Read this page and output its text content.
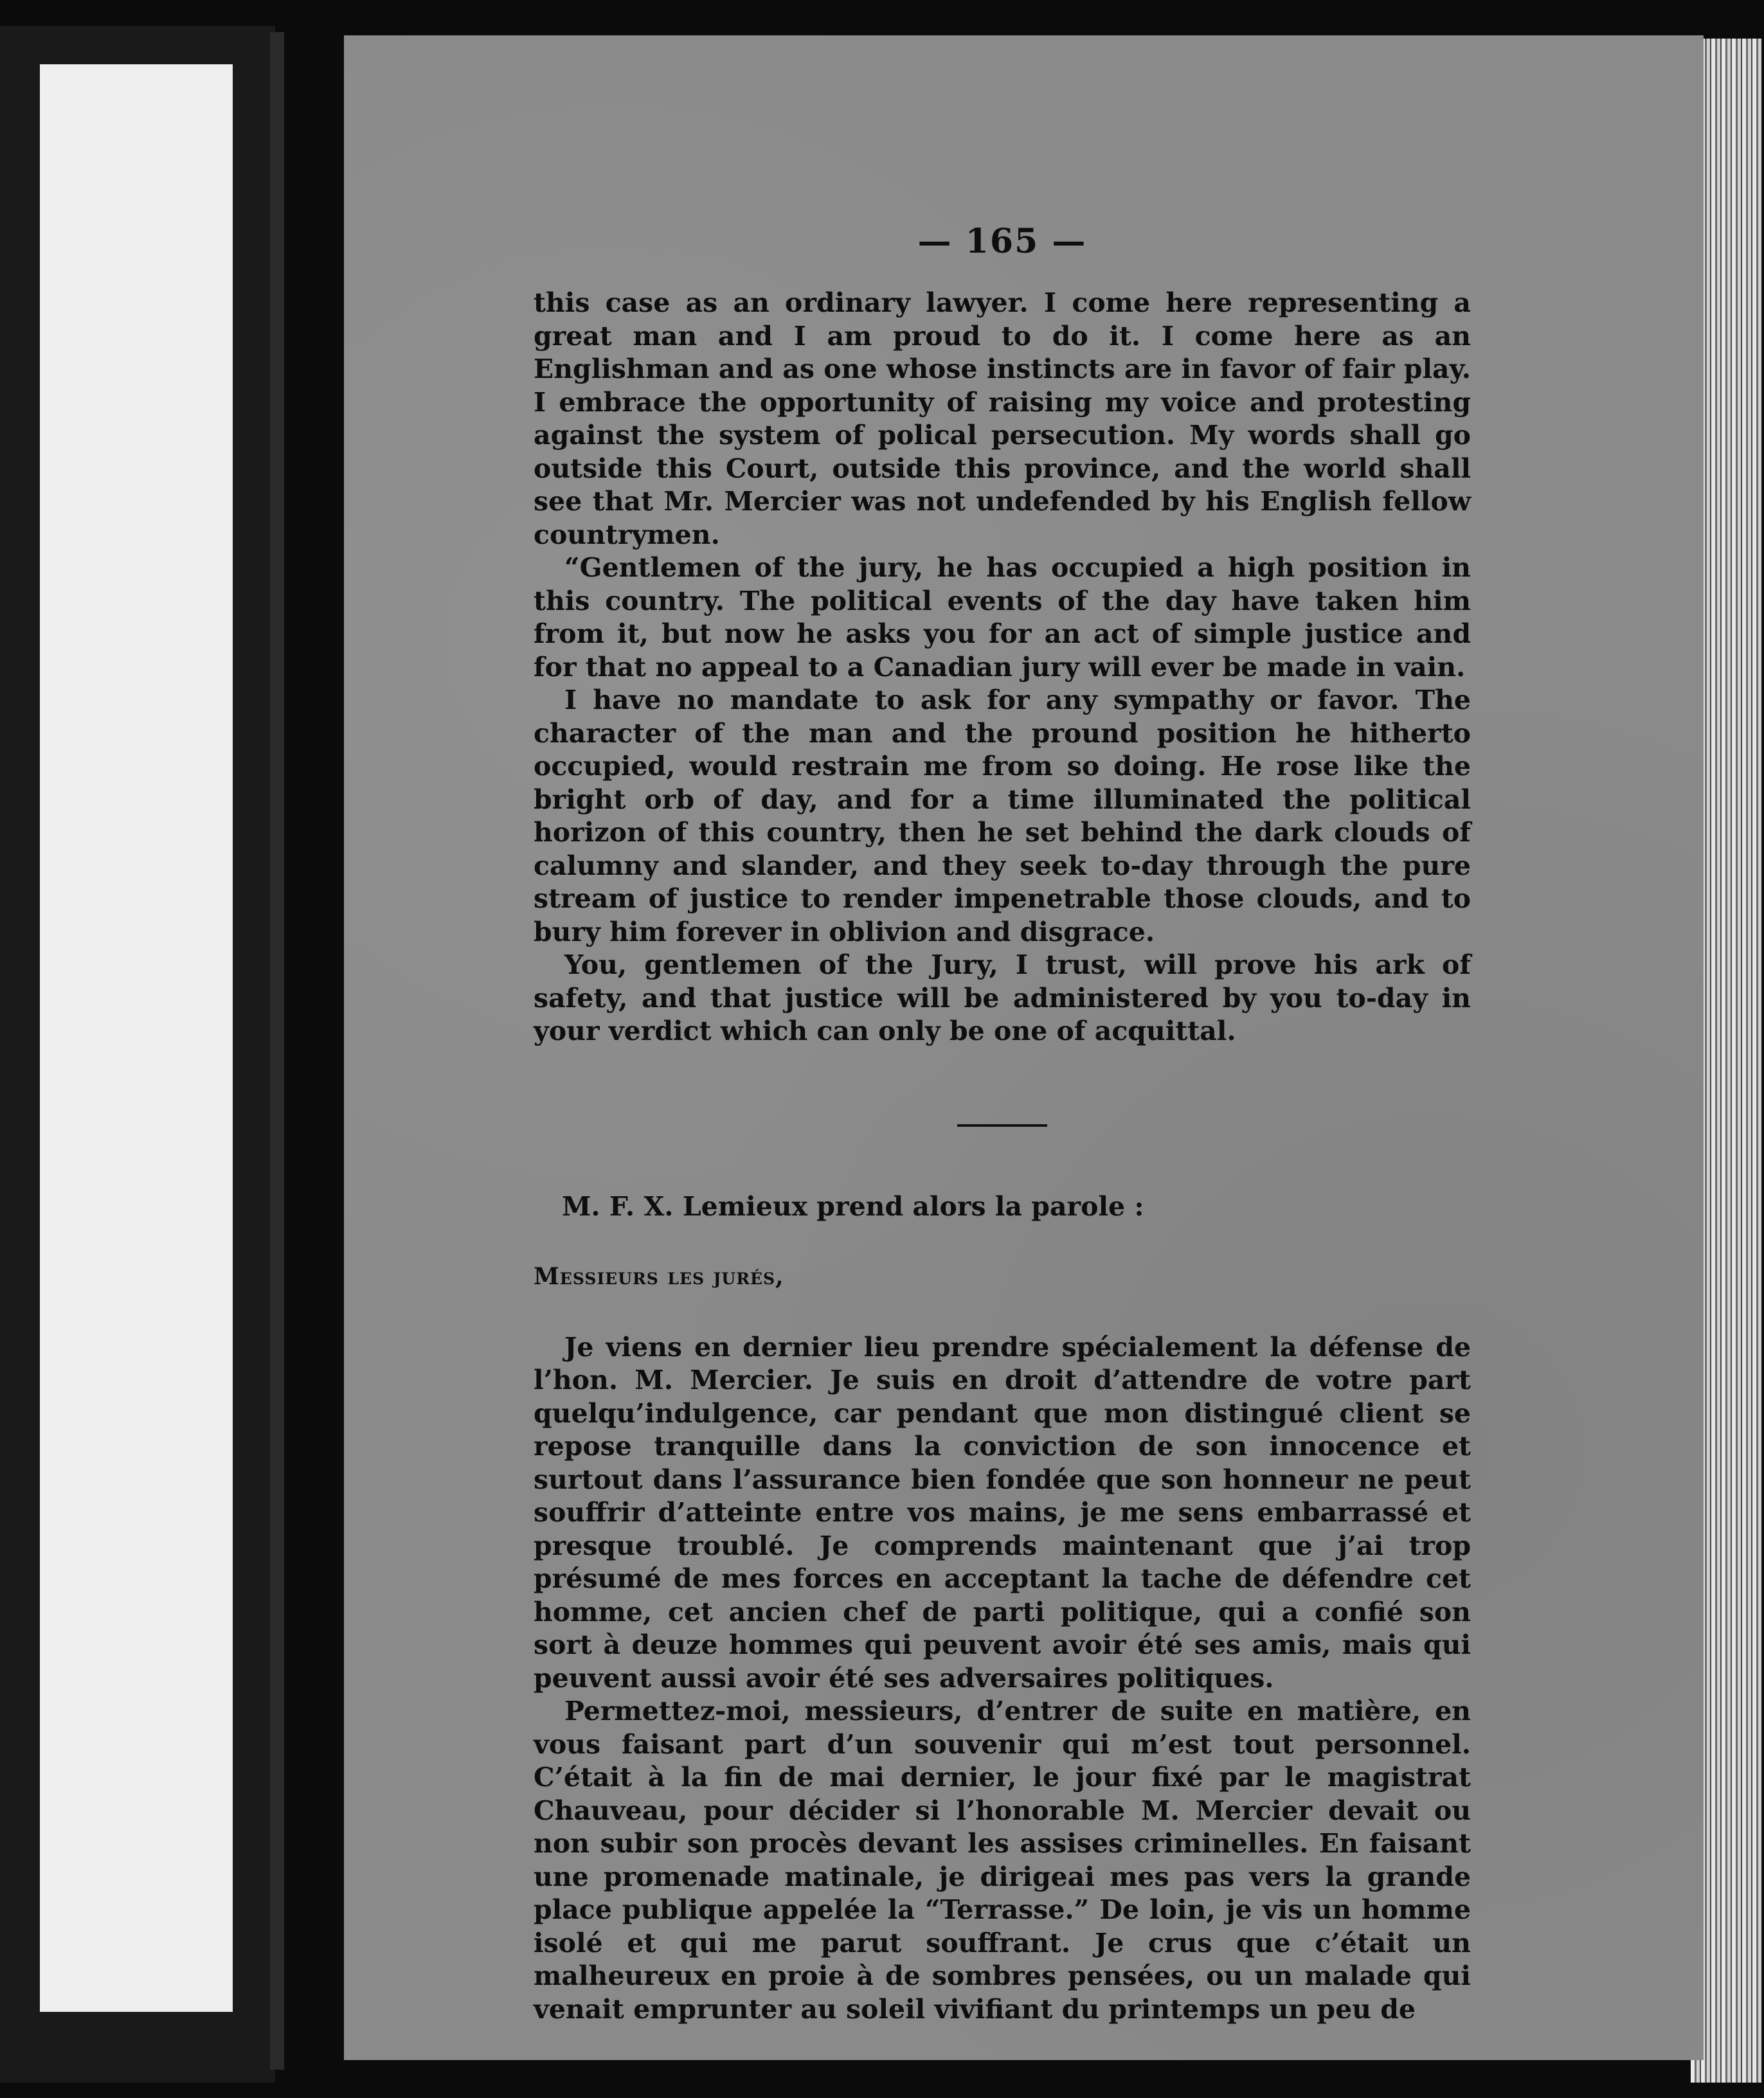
— 165 —

this case as an ordinary lawyer. I come here representing a great man and I am proud to do it. I come here as an Englishman and as one whose instincts are in favor of fair play. I embrace the opportunity of raising my voice and protesting against the system of polical persecution. My words shall go outside this Court, outside this province, and the world shall see that Mr. Mercier was not undefended by his English fellow countrymen.

“Gentlemen of the jury, he has occupied a high position in this country. The political events of the day have taken him from it, but now he asks you for an act of simple justice and for that no appeal to a Canadian jury will ever be made in vain.

I have no mandate to ask for any sympathy or favor. The character of the man and the pround position he hitherto occupied, would restrain me from so doing. He rose like the bright orb of day, and for a time illuminated the political horizon of this country, then he set behind the dark clouds of calumny and slander, and they seek to-day through the pure stream of justice to render impenetrable those clouds, and to bury him forever in oblivion and disgrace.

You, gentlemen of the Jury, I trust, will prove his ark of safety, and that justice will be administered by you to-day in your verdict which can only be one of acquittal.

M. F. X. Lemieux prend alors la parole :
Messieurs les jurés,

Je viens en dernier lieu prendre spécialement la défense de l’hon. M. Mercier. Je suis en droit d’attendre de votre part quelqu’indulgence, car pendant que mon distingué client se repose tranquille dans la conviction de son innocence et surtout dans l’assurance bien fondée que son honneur ne peut souffrir d’atteinte entre vos mains, je me sens embarrassé et presque troublé. Je comprends maintenant que j’ai trop présumé de mes forces en acceptant la tache de défendre cet homme, cet ancien chef de parti politique, qui a confié son sort à deuze hommes qui peuvent avoir été ses amis, mais qui peuvent aussi avoir été ses adversaires politiques.

Permettez-moi, messieurs, d’entrer de suite en matière, en vous faisant part d’un souvenir qui m’est tout personnel. C’était à la fin de mai dernier, le jour fixé par le magistrat Chauveau, pour décider si l’honorable M. Mercier devait ou non subir son procès devant les assises criminelles. En faisant une promenade matinale, je dirigeai mes pas vers la grande place publique appelée la “Terrasse.” De loin, je vis un homme isolé et qui me parut souffrant. Je crus que c’était un malheureux en proie à de sombres pensées, ou un malade qui venait emprunter au soleil vivifiant du printemps un peu de
